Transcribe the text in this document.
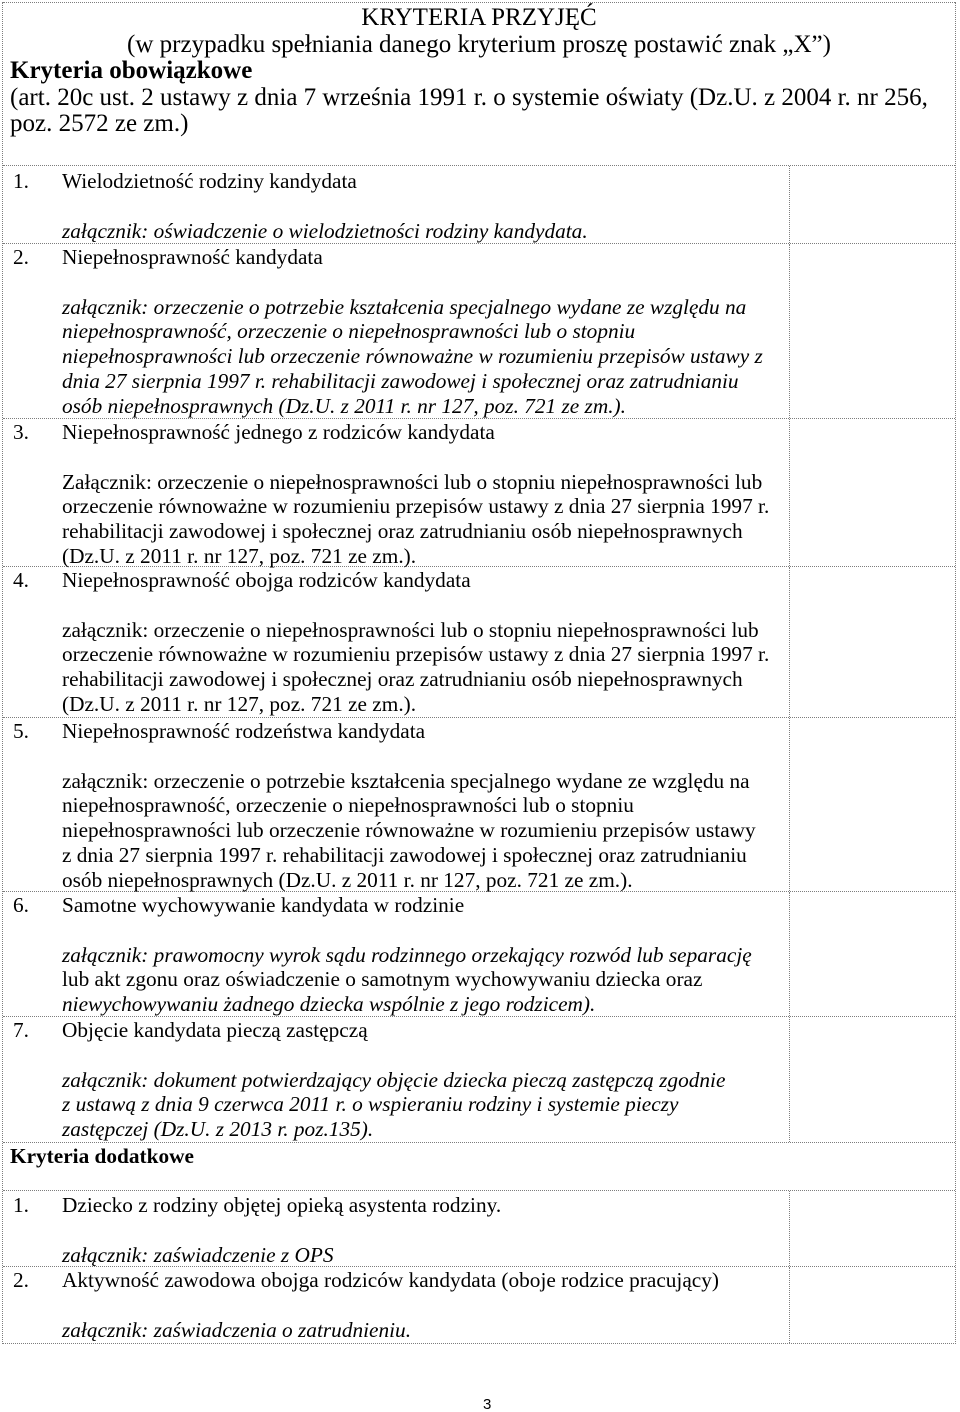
KRYTERIA PRZYJĘĆ
(w przypadku spełniania danego kryterium proszę postawić znak „X”)
Kryteria obowiązkowe
(art. 20c ust. 2 ustawy z dnia 7 września 1991 r. o systemie oświaty (Dz.U. z 2004 r. nr 256,
poz. 2572 ze zm.)
1.	Wielodzietność rodziny kandydata
załącznik: oświadczenie o wielodzietności rodziny kandydata.
2.	Niepełnosprawność kandydata
załącznik: orzeczenie o potrzebie kształcenia specjalnego wydane ze względu na
niepełnosprawność, orzeczenie o niepełnosprawności lub o stopniu
niepełnosprawności lub orzeczenie równoważne w rozumieniu przepisów ustawy z
dnia 27 sierpnia 1997 r. rehabilitacji zawodowej i społecznej oraz zatrudnianiu
osób niepełnosprawnych (Dz.U. z 2011 r. nr 127, poz. 721 ze zm.).
3.	Niepełnosprawność jednego z rodziców kandydata
Załącznik: orzeczenie o niepełnosprawności lub o stopniu niepełnosprawności lub
orzeczenie równoważne w rozumieniu przepisów ustawy z dnia 27 sierpnia 1997 r.
rehabilitacji zawodowej i społecznej oraz zatrudnianiu osób niepełnosprawnych
(Dz.U. z 2011 r. nr 127, poz. 721 ze zm.).
4.	Niepełnosprawność obojga rodziców kandydata
załącznik: orzeczenie o niepełnosprawności lub o stopniu niepełnosprawności lub
orzeczenie równoważne w rozumieniu przepisów ustawy z dnia 27 sierpnia 1997 r.
rehabilitacji zawodowej i społecznej oraz zatrudnianiu osób niepełnosprawnych
(Dz.U. z 2011 r. nr 127, poz. 721 ze zm.).
5.	Niepełnosprawność rodzeństwa kandydata
załącznik: orzeczenie o potrzebie kształcenia specjalnego wydane ze względu na
niepełnosprawność, orzeczenie o niepełnosprawności lub o stopniu
niepełnosprawności lub orzeczenie równoważne w rozumieniu przepisów ustawy
z dnia 27 sierpnia 1997 r. rehabilitacji zawodowej i społecznej oraz zatrudnianiu
osób niepełnosprawnych (Dz.U. z 2011 r. nr 127, poz. 721 ze zm.).
6.	Samotne wychowywanie kandydata w rodzinie
załącznik: prawomocny wyrok sądu rodzinnego orzekający rozwód lub separację
lub akt zgonu oraz oświadczenie o samotnym wychowywaniu dziecka oraz
niewychowywaniu żadnego dziecka wspólnie z jego rodzicem).
7.	Objęcie kandydata pieczą zastępczą
załącznik: dokument potwierdzający objęcie dziecka pieczą zastępczą zgodnie
z ustawą z dnia 9 czerwca 2011 r. o wspieraniu rodziny i systemie pieczy
zastępczej (Dz.U. z 2013 r. poz.135).
Kryteria dodatkowe
1.	Dziecko z rodziny objętej opieką asystenta rodziny.
załącznik: zaświadczenie z OPS
2.	Aktywność zawodowa obojga rodziców kandydata (oboje rodzice pracujący)
załącznik: zaświadczenia o zatrudnieniu.
3
